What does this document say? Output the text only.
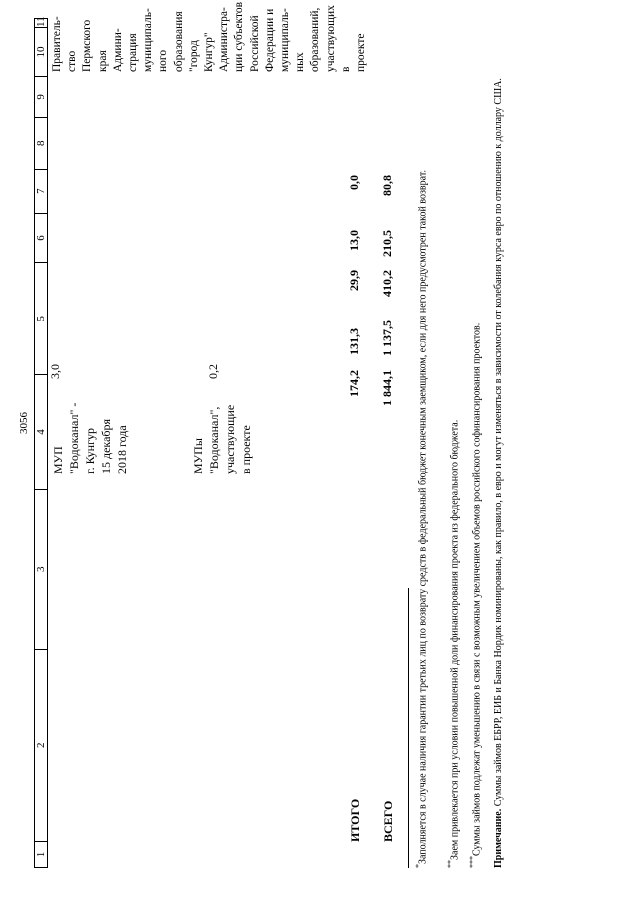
3056
1
2
3
4
5
6
7
8
9
10
11
МУП
"Водоканал" -
г. Кунгур
15 декабря
2018 года
МУПы
"Водоканал",
участвующие
в проекте
3,0	0,2
Правитель-
ство
Пермского
края
Админи-
страция
муниципаль-
ного
образования
"город Кунгур"
Администра-
ции субъектов
Российской
Федерации и
муниципаль-
ных
образований,
участвующих в
проекте
ИТОГО
174,2
131,3
29,9
13,0
0,0
ВСЕГО
1 844,1
1 137,5
410,2
210,5
80,8
*Заполняется в случае наличия гарантии третьих лиц по возврату средств в федеральный бюджет конечным заемщиком, если для него предусмотрен такой возврат. **Заем привлекается при условии повышенной доли финансирования проекта из федерального бюджета.
***Суммы займов подлежат уменьшению в связи с возможным увеличением объемов российского софинансирования проектов. Примечание. Суммы займов ЕБРР, ЕИБ и Банка Нордик номинированы, как правило, в евро и могут изменяться в зависимости от колебания курса евро по отношению к доллару США.
